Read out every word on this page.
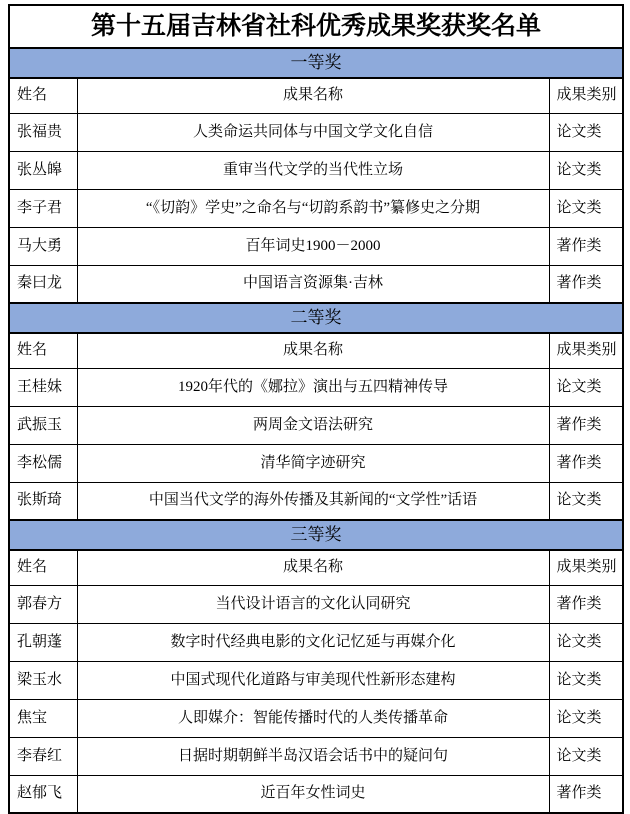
第十五届吉林省社科优秀成果奖获奖名单		
一等奖		
姓名	成果名称	成果类别
张福贵	人类命运共同体与中国文学文化自信	论文类
张丛皞	重审当代文学的当代性立场	论文类
李子君	“《切韵》学史”之命名与“切韵系韵书”纂修史之分期	论文类
马大勇	百年词史1900－2000	著作类
秦曰龙	中国语言资源集·吉林	著作类
二等奖		
姓名	成果名称	成果类别
王桂妹	1920年代的《娜拉》演出与五四精神传导	论文类
武振玉	两周金文语法研究	著作类
李松儒	清华简字迹研究	著作类
张斯琦	中国当代文学的海外传播及其新闻的“文学性”话语	论文类
三等奖		
姓名	成果名称	成果类别
郭春方	当代设计语言的文化认同研究	著作类
孔朝蓬	数字时代经典电影的文化记忆延与再媒介化	论文类
梁玉水	中国式现代化道路与审美现代性新形态建构	论文类
焦宝	人即媒介：智能传播时代的人类传播革命	论文类
李春红	日据时期朝鲜半岛汉语会话书中的疑问句	论文类
赵郁飞	近百年女性词史	著作类
